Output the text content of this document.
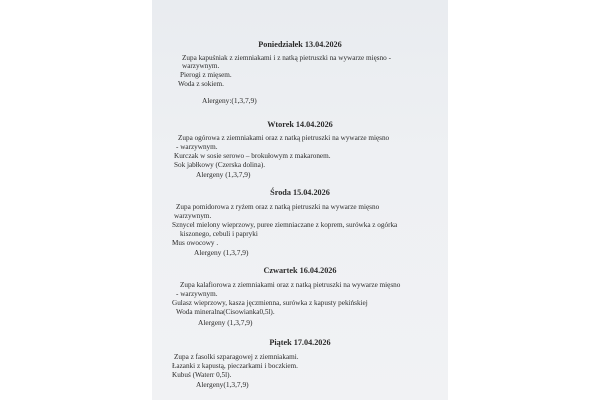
Poniedziałek 13.04.2026
Zupa kapuśniak z ziemniakami i z natką pietruszki na wywarze mięsno -
warzywnym.
Pierogi z mięsem.
Woda z sokiem.
Alergeny:(1,3,7,9)
Wtorek 14.04.2026
Zupa ogórowa z ziemniakami oraz z natką pietruszki na wywarze mięsno
- warzywnym.
Kurczak w sosie serowo – brokułowym z makaronem.
Sok jabłkowy (Czerska dolina).
Alergeny (1,3,7,9)
Środa 15.04.2026
Zupa pomidorowa z ryżem oraz z natką pietruszki na wywarze mięsno
warzywnym.
Sznycel mielony wieprzowy, puree ziemniaczane z koprem, surówka z ogórka
kiszonego, cebuli i papryki
Mus owocowy .
Alergeny (1,3,7,9)
Czwartek 16.04.2026
Zupa kalafiorowa z ziemniakami oraz z natką pietruszki na wywarze mięsno
- warzywnym.
Gulasz wieprzowy, kasza jęczmienna, surówka z kapusty pekińskiej
Woda mineralna(Cisowianka0,5l).
Alergeny (1,3,7,9)
Piątek 17.04.2026
Zupa z fasolki szparagowej z ziemniakami.
Łazanki z kapustą, pieczarkami i boczkiem.
Kubuś (Waterr 0,5l).
Alergeny(1,3,7,9)
